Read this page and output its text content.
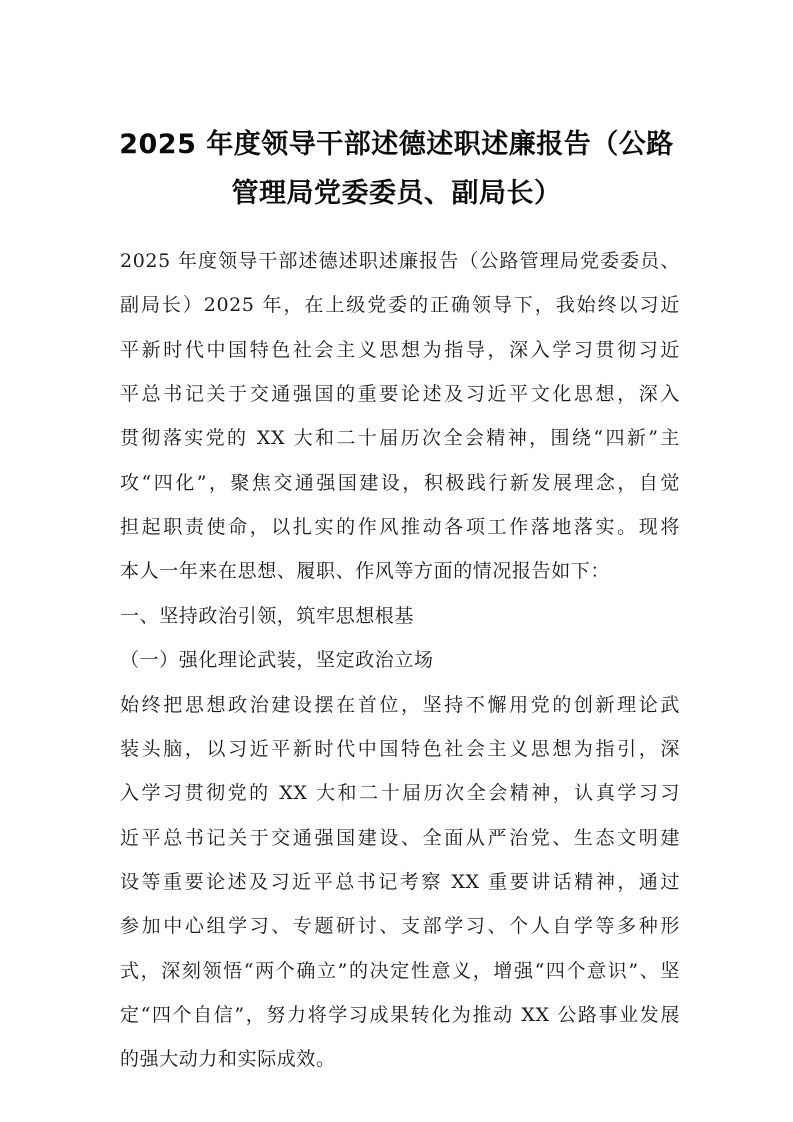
2025 年度领导干部述德述职述廉报告（公路
管理局党委委员、副局长）
2025 年度领导干部述德述职述廉报告（公路管理局党委委员、
副局长）2025 年，在上级党委的正确领导下，我始终以习近
平新时代中国特色社会主义思想为指导，深入学习贯彻习近
平总书记关于交通强国的重要论述及习近平文化思想，深入
贯彻落实党的 XX 大和二十届历次全会精神，围绕“四新”主
攻“四化”，聚焦交通强国建设，积极践行新发展理念，自觉
担起职责使命，以扎实的作风推动各项工作落地落实。现将
本人一年来在思想、履职、作风等方面的情况报告如下：
一、坚持政治引领，筑牢思想根基
（一）强化理论武装，坚定政治立场
始终把思想政治建设摆在首位，坚持不懈用党的创新理论武
装头脑，以习近平新时代中国特色社会主义思想为指引，深
入学习贯彻党的 XX 大和二十届历次全会精神，认真学习习
近平总书记关于交通强国建设、全面从严治党、生态文明建
设等重要论述及习近平总书记考察 XX 重要讲话精神，通过
参加中心组学习、专题研讨、支部学习、个人自学等多种形
式，深刻领悟“两个确立”的决定性意义，增强“四个意识”、坚
定“四个自信”，努力将学习成果转化为推动 XX 公路事业发展
的强大动力和实际成效。
